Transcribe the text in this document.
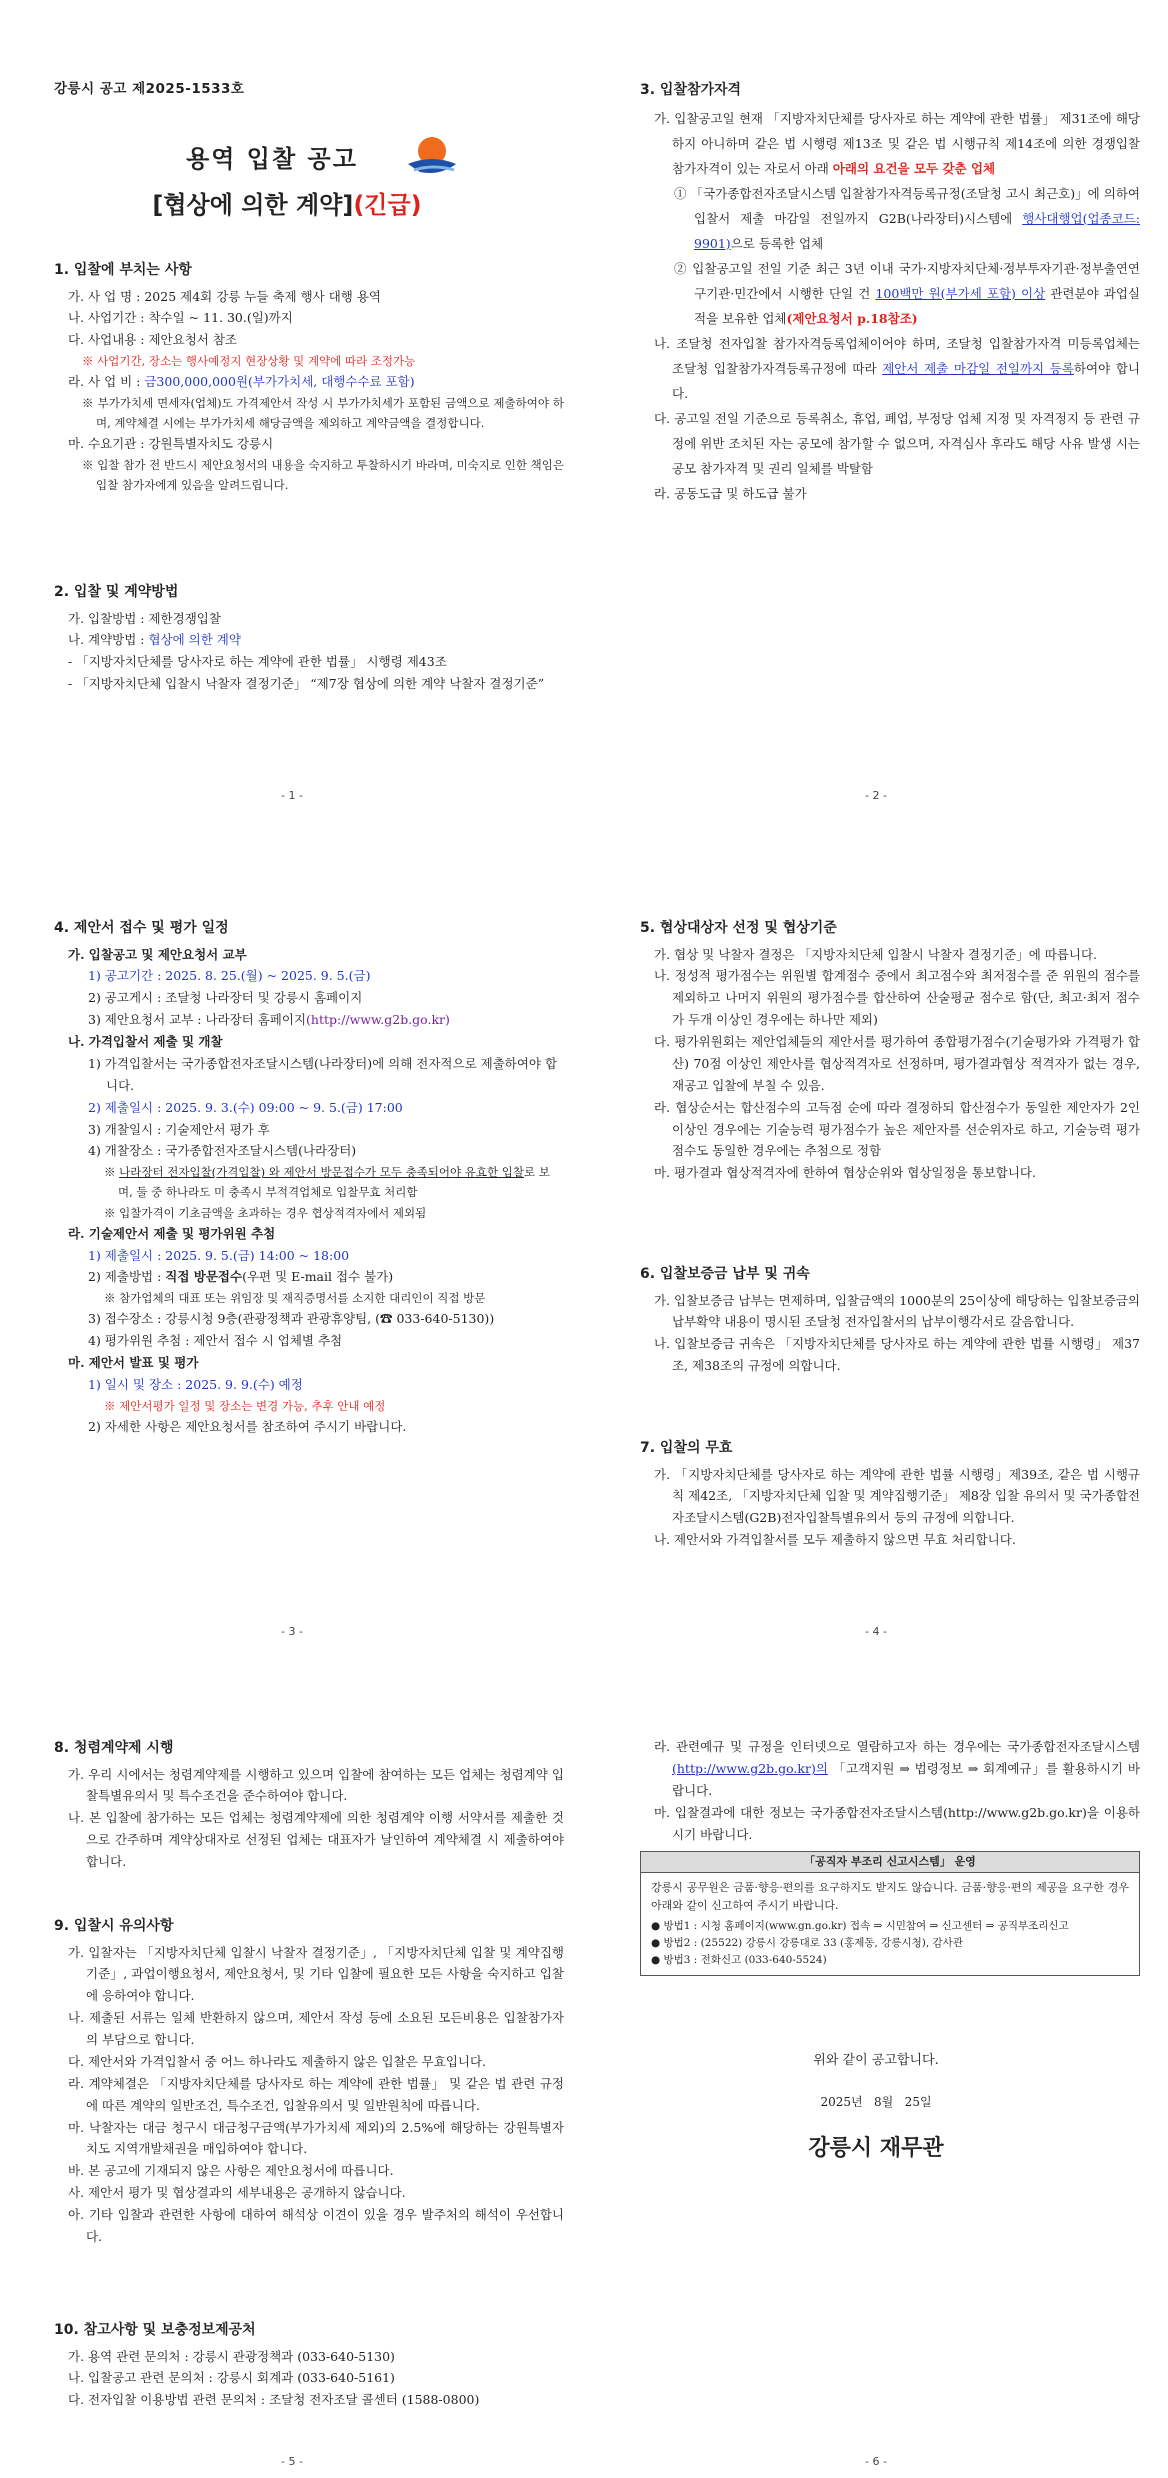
강릉시 공고 제2025-1533호
용역 입찰 공고
[협상에 의한 계약](긴급)
1. 입찰에 부치는 사항
가. 사 업 명 : 2025 제4회 강릉 누들 축제 행사 대행 용역
나. 사업기간 : 착수일 ~ 11. 30.(일)까지
다. 사업내용 : 제안요청서 참조
※ 사업기간, 장소는 행사예정지 현장상황 및 계약에 따라 조정가능
라. 사 업 비 : 금300,000,000원(부가가치세, 대행수수료 포함)
※ 부가가치세 면세자(업체)도 가격제안서 작성 시 부가가치세가 포함된 금액으로 제출하여야 하며, 계약체결 시에는 부가가치세 해당금액을 제외하고 계약금액을 결정합니다.
마. 수요기관 : 강원특별자치도 강릉시
※ 입찰 참가 전 반드시 제안요청서의 내용을 숙지하고 투찰하시기 바라며, 미숙지로 인한 책임은 입찰 참가자에게 있음을 알려드립니다.
2. 입찰 및 계약방법
가. 입찰방법 : 제한경쟁입찰
나. 계약방법 : 협상에 의한 계약
- 「지방자치단체를 당사자로 하는 계약에 관한 법률」 시행령 제43조
- 「지방자치단체 입찰시 낙찰자 결정기준」 “제7장 협상에 의한 계약 낙찰자 결정기준”
- 1 -
3. 입찰참가자격
가. 입찰공고일 현재 「지방자치단체를 당사자로 하는 계약에 관한 법률」 제31조에 해당하지 아니하며 같은 법 시행령 제13조 및 같은 법 시행규칙 제14조에 의한 경쟁입찰 참가자격이 있는 자로서 아래 아래의 요건을 모두 갖춘 업체
① 「국가종합전자조달시스템 입찰참가자격등록규정(조달청 고시 최근호)」에 의하여 입찰서 제출 마감일 전일까지 G2B(나라장터)시스템에 행사대행업(업종코드: 9901)으로 등록한 업체
② 입찰공고일 전일 기준 최근 3년 이내 국가·지방자치단체·정부투자기관·정부출연연구기관·민간에서 시행한 단일 건 100백만 원(부가세 포함) 이상 관련분야 과업실적을 보유한 업체(제안요청서 p.18참조)
나. 조달청 전자입찰 참가자격등록업체이어야 하며, 조달청 입찰참가자격 미등록업체는 조달청 입찰참가자격등록규정에 따라 제안서 제출 마감일 전일까지 등록하여야 합니다.
다. 공고일 전일 기준으로 등록취소, 휴업, 폐업, 부정당 업체 지정 및 자격정지 등 관련 규정에 위반 조치된 자는 공모에 참가할 수 없으며, 자격심사 후라도 해당 사유 발생 시는 공모 참가자격 및 권리 일체를 박탈함
라. 공동도급 및 하도급 불가
- 2 -
4. 제안서 접수 및 평가 일정
가. 입찰공고 및 제안요청서 교부
1) 공고기간 : 2025. 8. 25.(월) ~ 2025. 9. 5.(금)
2) 공고게시 : 조달청 나라장터 및 강릉시 홈페이지
3) 제안요청서 교부 : 나라장터 홈페이지(http://www.g2b.go.kr)
나. 가격입찰서 제출 및 개찰
1) 가격입찰서는 국가종합전자조달시스템(나라장터)에 의해 전자적으로 제출하여야 합니다.
2) 제출일시 : 2025. 9. 3.(수) 09:00 ~ 9. 5.(금) 17:00
3) 개찰일시 : 기술제안서 평가 후
4) 개찰장소 : 국가종합전자조달시스템(나라장터)
※ 나라장터 전자입찰(가격입찰) 와 제안서 방문접수가 모두 충족되어야 유효한 입찰로 보며, 둘 중 하나라도 미 충족시 부적격업체로 입찰무효 처리함
※ 입찰가격이 기초금액을 초과하는 경우 협상적격자에서 제외됨
라. 기술제안서 제출 및 평가위원 추첨
1) 제출일시 : 2025. 9. 5.(금) 14:00 ~ 18:00
2) 제출방법 : 직접 방문접수(우편 및 E-mail 접수 불가)
※ 참가업체의 대표 또는 위임장 및 재직증명서를 소지한 대리인이 직접 방문
3) 접수장소 : 강릉시청 9층(관광정책과 관광휴양팀, (☎ 033-640-5130))
4) 평가위원 추첨 : 제안서 접수 시 업체별 추첨
마. 제안서 발표 및 평가
1) 일시 및 장소 : 2025. 9. 9.(수) 예정
※ 제안서평가 일정 및 장소는 변경 가능, 추후 안내 예정
2) 자세한 사항은 제안요청서를 참조하여 주시기 바랍니다.
- 3 -
5. 협상대상자 선정 및 협상기준
가. 협상 및 낙찰자 결정은 「지방자치단체 입찰시 낙찰자 결정기준」에 따릅니다.
나. 정성적 평가점수는 위원별 합계점수 중에서 최고점수와 최저점수를 준 위원의 점수를 제외하고 나머지 위원의 평가점수를 합산하여 산술평균 점수로 함(단, 최고·최저 점수가 두개 이상인 경우에는 하나만 제외)
다. 평가위원회는 제안업체들의 제안서를 평가하여 종합평가점수(기술평가와 가격평가 합산) 70점 이상인 제안사를 협상적격자로 선정하며, 평가결과협상 적격자가 없는 경우, 재공고 입찰에 부칠 수 있음.
라. 협상순서는 합산점수의 고득점 순에 따라 결정하되 합산점수가 동일한 제안자가 2인 이상인 경우에는 기술능력 평가점수가 높은 제안자를 선순위자로 하고, 기술능력 평가점수도 동일한 경우에는 추첨으로 정함
마. 평가결과 협상적격자에 한하여 협상순위와 협상일정을 통보합니다.
6. 입찰보증금 납부 및 귀속
가. 입찰보증금 납부는 면제하며, 입찰금액의 1000분의 25이상에 해당하는 입찰보증금의 납부확약 내용이 명시된 조달청 전자입찰서의 납부이행각서로 갈음합니다.
나. 입찰보증금 귀속은 「지방자치단체를 당사자로 하는 계약에 관한 법률 시행령」 제37조, 제38조의 규정에 의합니다.
7. 입찰의 무효
가. 「지방자치단체를 당사자로 하는 계약에 관한 법률 시행령」제39조, 같은 법 시행규칙 제42조, 「지방자치단체 입찰 및 계약집행기준」 제8장 입찰 유의서 및 국가종합전자조달시스템(G2B)전자입찰특별유의서 등의 규정에 의합니다.
나. 제안서와 가격입찰서를 모두 제출하지 않으면 무효 처리합니다.
- 4 -
8. 청렴계약제 시행
가. 우리 시에서는 청렴계약제를 시행하고 있으며 입찰에 참여하는 모든 업체는 청렴계약 입찰특별유의서 및 특수조건을 준수하여야 합니다.
나. 본 입찰에 참가하는 모든 업체는 청렴계약제에 의한 청렴계약 이행 서약서를 제출한 것으로 간주하며 계약상대자로 선정된 업체는 대표자가 날인하여 계약체결 시 제출하여야 합니다.
9. 입찰시 유의사항
가. 입찰자는 「지방자치단체 입찰시 낙찰자 결정기준」, 「지방자치단체 입찰 및 계약집행기준」, 과업이행요청서, 제안요청서, 및 기타 입찰에 필요한 모든 사항을 숙지하고 입찰에 응하여야 합니다.
나. 제출된 서류는 일체 반환하지 않으며, 제안서 작성 등에 소요된 모든비용은 입찰참가자의 부담으로 합니다.
다. 제안서와 가격입찰서 중 어느 하나라도 제출하지 않은 입찰은 무효입니다.
라. 계약체결은 「지방자치단체를 당사자로 하는 계약에 관한 법률」 및 같은 법 관련 규정에 따른 계약의 일반조건, 특수조건, 입찰유의서 및 일반원칙에 따릅니다.
마. 낙찰자는 대금 청구시 대금청구금액(부가가치세 제외)의 2.5%에 해당하는 강원특별자치도 지역개발채권을 매입하여야 합니다.
바. 본 공고에 기재되지 않은 사항은 제안요청서에 따릅니다.
사. 제안서 평가 및 협상결과의 세부내용은 공개하지 않습니다.
아. 기타 입찰과 관련한 사항에 대하여 해석상 이견이 있을 경우 발주처의 해석이 우선합니다.
10. 참고사항 및 보충정보제공처
가. 용역 관련 문의처 : 강릉시 관광정책과 (033-640-5130)
나. 입찰공고 관련 문의처 : 강릉시 회계과 (033-640-5161)
다. 전자입찰 이용방법 관련 문의처 : 조달청 전자조달 콜센터 (1588-0800)
- 5 -
라. 관련예규 및 규정을 인터넷으로 열람하고자 하는 경우에는 국가종합전자조달시스템(http://www.g2b.go.kr)의 「고객지원 ⇒ 법령정보 ⇒ 회계예규」를 활용하시기 바랍니다.
마. 입찰결과에 대한 정보는 국가종합전자조달시스템(http://www.g2b.go.kr)을 이용하시기 바랍니다.
「공직자 부조리 신고시스템」 운영
강릉시 공무원은 금품·향응·편의를 요구하지도 받지도 않습니다. 금품·향응·편의 제공을 요구한 경우 아래와 같이 신고하여 주시기 바랍니다.
● 방법1 : 시청 홈페이지(www.gn.go.kr) 접속 ⇒ 시민참여 ⇒ 신고센터 ⇒ 공직부조리신고
● 방법2 : (25522) 강릉시 강릉대로 33 (홍제동, 강릉시청), 감사관
● 방법3 : 전화신고 (033-640-5524)
위와 같이 공고합니다.
2025년   8월   25일
강릉시 재무관
- 6 -
